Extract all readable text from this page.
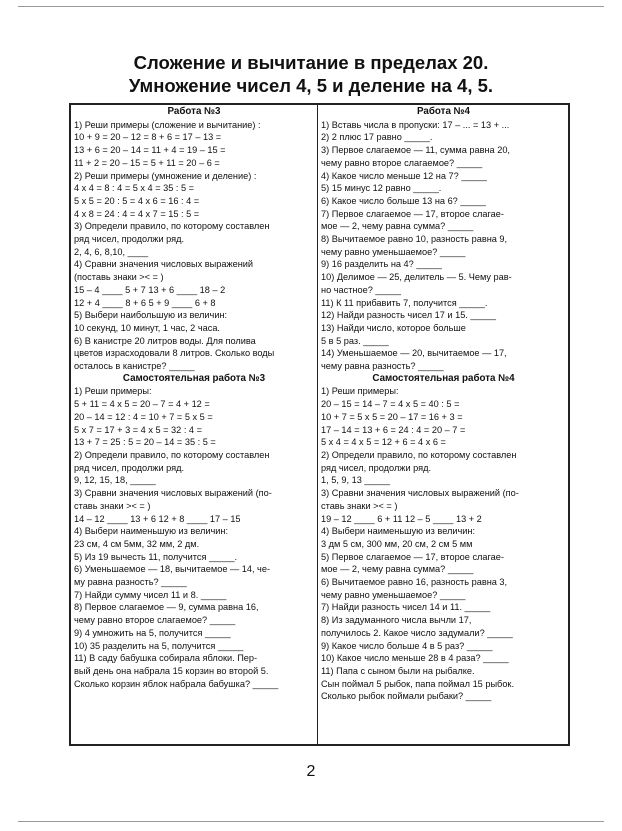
Сложение и вычитание в пределах 20.
Умножение чисел 4, 5 и деление на 4, 5.

Работа №3

1) Реши примеры (сложение и вычитание) :

10 + 9 = 20 – 12 = 8 + 6 = 17 – 13 =

13 + 6 = 20 – 14 = 11 + 4 = 19 – 15 =

11 + 2 = 20 – 15 = 5 + 11 = 20 – 6 =

2) Реши примеры (умножение и деление) :

4 x 4 = 8 : 4 = 5 x 4 = 35 : 5 =

5 x 5 = 20 : 5 = 4 x 6 = 16 : 4 =

4 x 8 = 24 : 4 = 4 x 7 = 15 : 5 =

3) Определи правило, по которому составлен

ряд чисел, продолжи ряд.

2, 4, 6, 8,10, ____

4) Сравни значения числовых выражений

(поставь знаки >< = )

15 – 4 ____ 5 + 7 13 + 6 ____ 18 – 2

12 + 4 ____ 8 + 6 5 + 9 ____ 6 + 8

5) Выбери наибольшую из величин:

10 секунд, 10 минут, 1 час, 2 часа.

6) В канистре 20 литров воды. Для полива

цветов израсходовали 8 литров. Сколько воды

осталось в канистре? _____

Самостоятельная работа №3

1) Реши примеры:

5 + 11 = 4 x 5 = 20 – 7 = 4 + 12 =

20 – 14 = 12 : 4 = 10 + 7 = 5 x 5 =

5 x 7 = 17 + 3 = 4 x 5 = 32 : 4 =

13 + 7 = 25 : 5 = 20 – 14 = 35 : 5 =

2) Определи правило, по которому составлен

ряд чисел, продолжи ряд.

9, 12, 15, 18, _____

3) Сравни значения числовых выражений (по-

ставь знаки >< = )

14 – 12 ____ 13 + 6 12 + 8 ____ 17 – 15

4) Выбери наименьшую из величин:

23 см, 4 см 5мм, 32 мм, 2 дм.

5) Из 19 вычесть 11, получится _____.

6) Уменьшаемое — 18, вычитаемое — 14, че-

му равна разность? _____

7) Найди сумму чисел 11 и 8. _____

8) Первое слагаемое — 9, сумма равна 16,

чему равно второе слагаемое? _____

9) 4 умножить на 5, получится _____

10) 35 разделить на 5, получится _____

11) В саду бабушка собирала яблоки. Пер-

вый день она набрала 15 корзин во второй 5.

Сколько корзин яблок набрала бабушка? _____

Работа №4

1) Вставь числа в пропуски: 17 – ... = 13 + ...

2) 2 плюс 17 равно _____.

3) Первое слагаемое — 11, сумма равна 20,

чему равно второе слагаемое? _____

4) Какое число меньше 12 на 7? _____

5) 15 минус 12 равно _____.

6) Какое число больше 13 на 6? _____

7) Первое слагаемое — 17, второе слагае-

мое — 2, чему равна сумма? _____

8) Вычитаемое равно 10, разность равна 9,

чему равно уменьшаемое? _____

9) 16 разделить на 4? _____

10) Делимое — 25, делитель — 5. Чему рав-

но частное? _____

11) К 11 прибавить 7, получится _____.

12) Найди разность чисел 17 и 15. _____

13) Найди число, которое больше

5 в 5 раз. _____

14) Уменьшаемое — 20, вычитаемое — 17,

чему равна разность? _____

Самостоятельная работа №4

1) Реши примеры:

20 – 15 = 14 – 7 = 4 x 5 = 40 : 5 =

10 + 7 = 5 x 5 = 20 – 17 = 16 + 3 =

17 – 14 = 13 + 6 = 24 : 4 = 20 – 7 =

5 x 4 = 4 x 5 = 12 + 6 = 4 x 6 =

2) Определи правило, по которому составлен

ряд чисел, продолжи ряд.

1, 5, 9, 13 _____

3) Сравни значения числовых выражений (по-

ставь знаки >< = )

19 – 12 ____ 6 + 11 12 – 5 ____ 13 + 2

4) Выбери наименьшую из величин:

3 дм 5 см, 300 мм, 20 см, 2 см 5 мм

5) Первое слагаемое — 17, второе слагае-

мое — 2, чему равна сумма? _____

6) Вычитаемое равно 16, разность равна 3,

чему равно уменьшаемое? _____

7) Найди разность чисел 14 и 11. _____

8) Из задуманного числа вычли 17,

получилось 2. Какое число задумали? _____

9) Какое число больше 4 в 5 раз? _____

10) Какое число меньше 28 в 4 раза? _____

11) Папа с сыном были на рыбалке.

Сын поймал 5 рыбок, папа поймал 15 рыбок.

Сколько рыбок поймали рыбаки? _____

2
